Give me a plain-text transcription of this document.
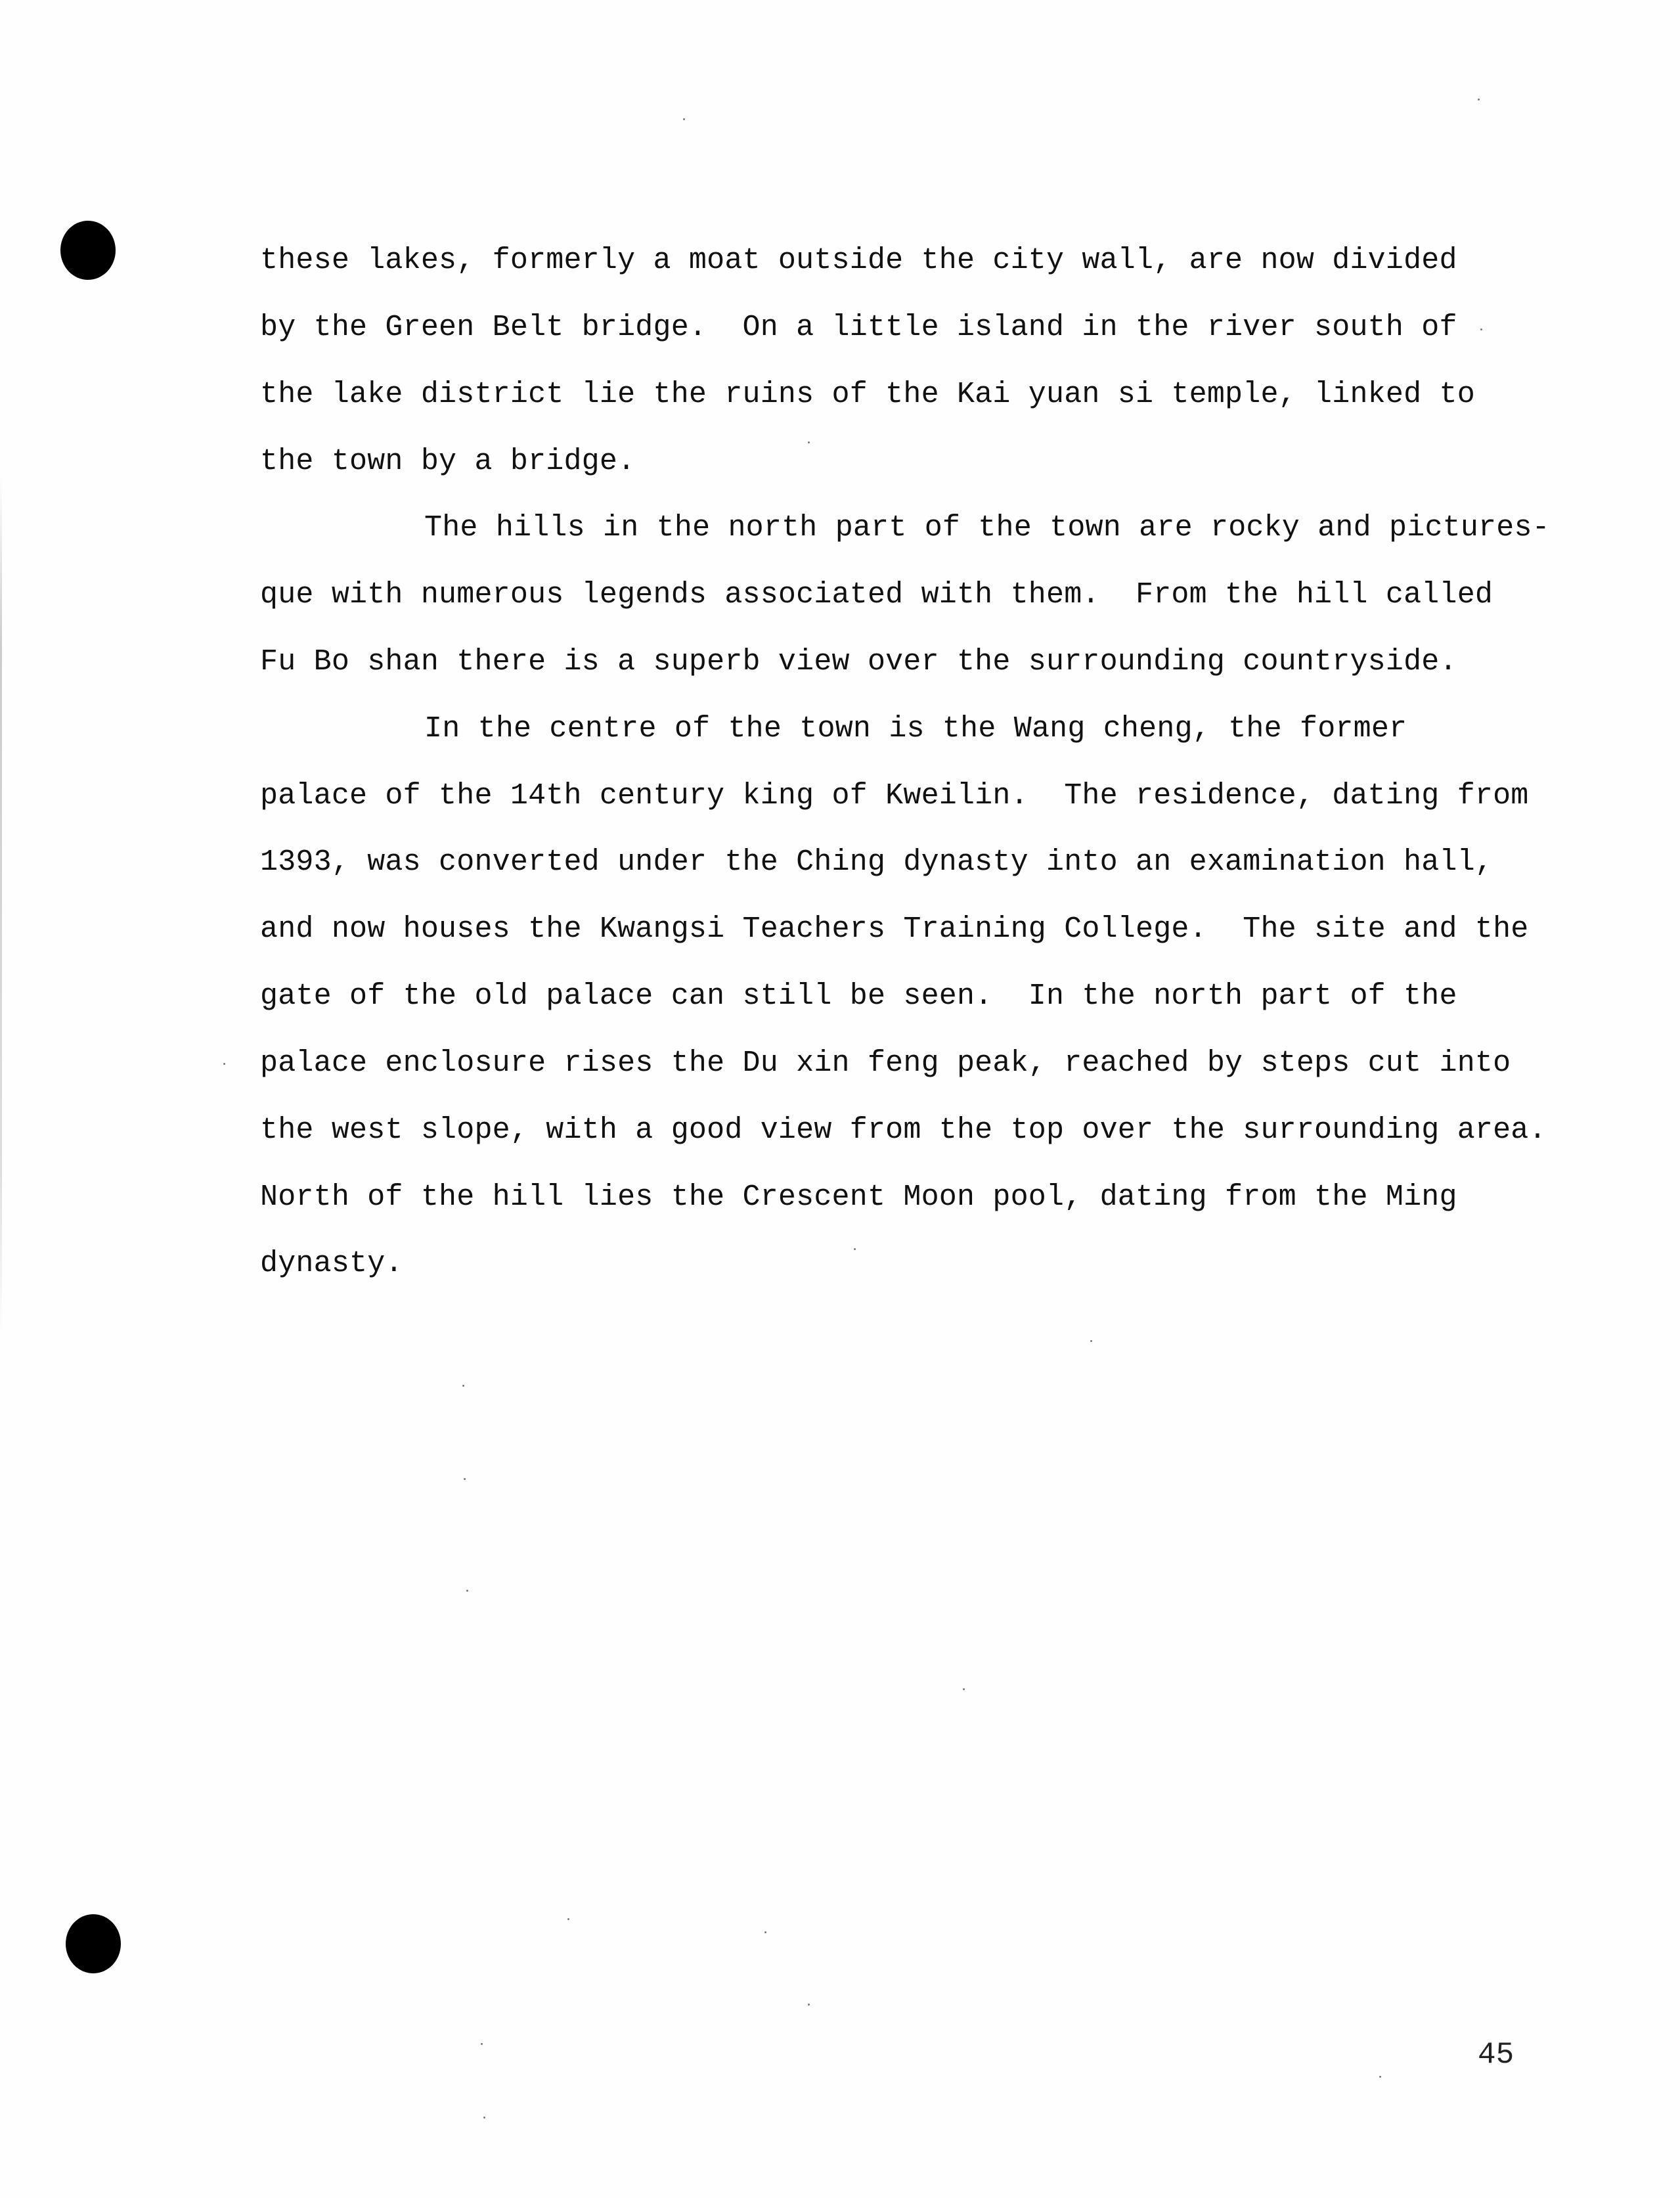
these lakes, formerly a moat outside the city wall, are now divided

by the Green Belt bridge.  On a little island in the river south of

the lake district lie the ruins of the Kai yuan si temple, linked to

the town by a bridge.

The hills in the north part of the town are rocky and pictures-

que with numerous legends associated with them.  From the hill called

Fu Bo shan there is a superb view over the surrounding countryside.

In the centre of the town is the Wang cheng, the former

palace of the 14th century king of Kweilin.  The residence, dating from

1393, was converted under the Ching dynasty into an examination hall,

and now houses the Kwangsi Teachers Training College.  The site and the

gate of the old palace can still be seen.  In the north part of the

palace enclosure rises the Du xin feng peak, reached by steps cut into

the west slope, with a good view from the top over the surrounding area.

North of the hill lies the Crescent Moon pool, dating from the Ming

dynasty.

45
